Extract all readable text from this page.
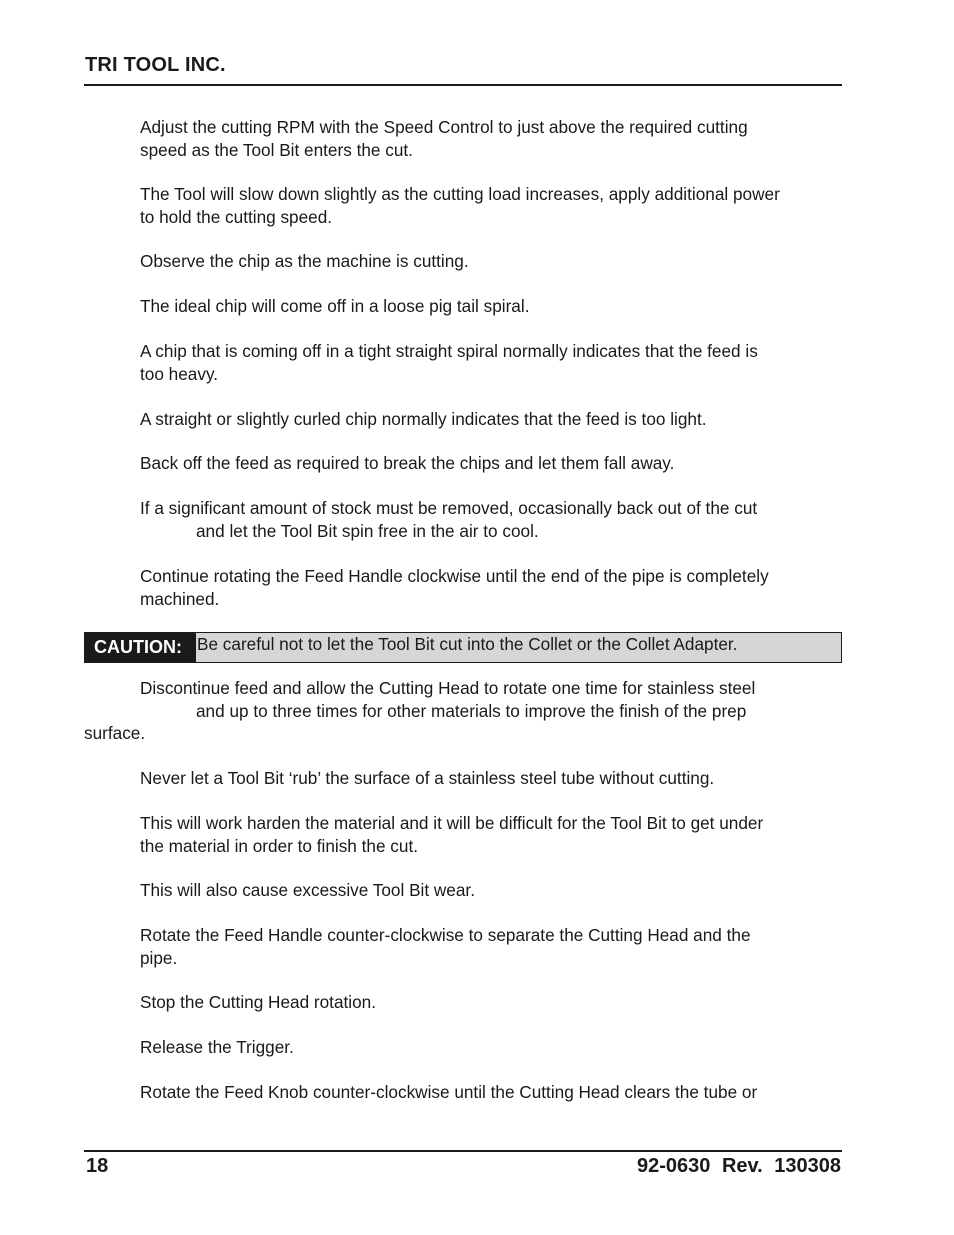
TRI TOOL INC.

Adjust the cutting RPM with the Speed Control to just above the required cutting
speed as the Tool Bit enters the cut.

The Tool will slow down slightly as the cutting load increases, apply additional power
to hold the cutting speed.

Observe the chip as the machine is cutting.

The ideal chip will come off in a loose pig tail spiral.

A chip that is coming off in a tight straight spiral normally indicates that the feed is
too heavy.

A straight or slightly curled chip normally indicates that the feed is too light.

Back off the feed as required to break the chips and let them fall away.

If a significant amount of stock must be removed, occasionally back out of the cut
and let the Tool Bit spin free in the air to cool.

Continue rotating the Feed Handle clockwise until the end of the pipe is completely
machined.

CAUTION: Be careful not to let the Tool Bit cut into the Collet or the Collet Adapter.

Discontinue feed and allow the Cutting Head to rotate one time for stainless steel
and up to three times for other materials to improve the finish of the prep
surface.

Never let a Tool Bit ‘rub’ the surface of a stainless steel tube without cutting.

This will work harden the material and it will be difficult for the Tool Bit to get under
the material in order to finish the cut.

This will also cause excessive Tool Bit wear.

Rotate the Feed Handle counter-clockwise to separate the Cutting Head and the
pipe.

Stop the Cutting Head rotation.

Release the Trigger.

Rotate the Feed Knob counter-clockwise until the Cutting Head clears the tube or

18	92-0630 Rev. 130308
